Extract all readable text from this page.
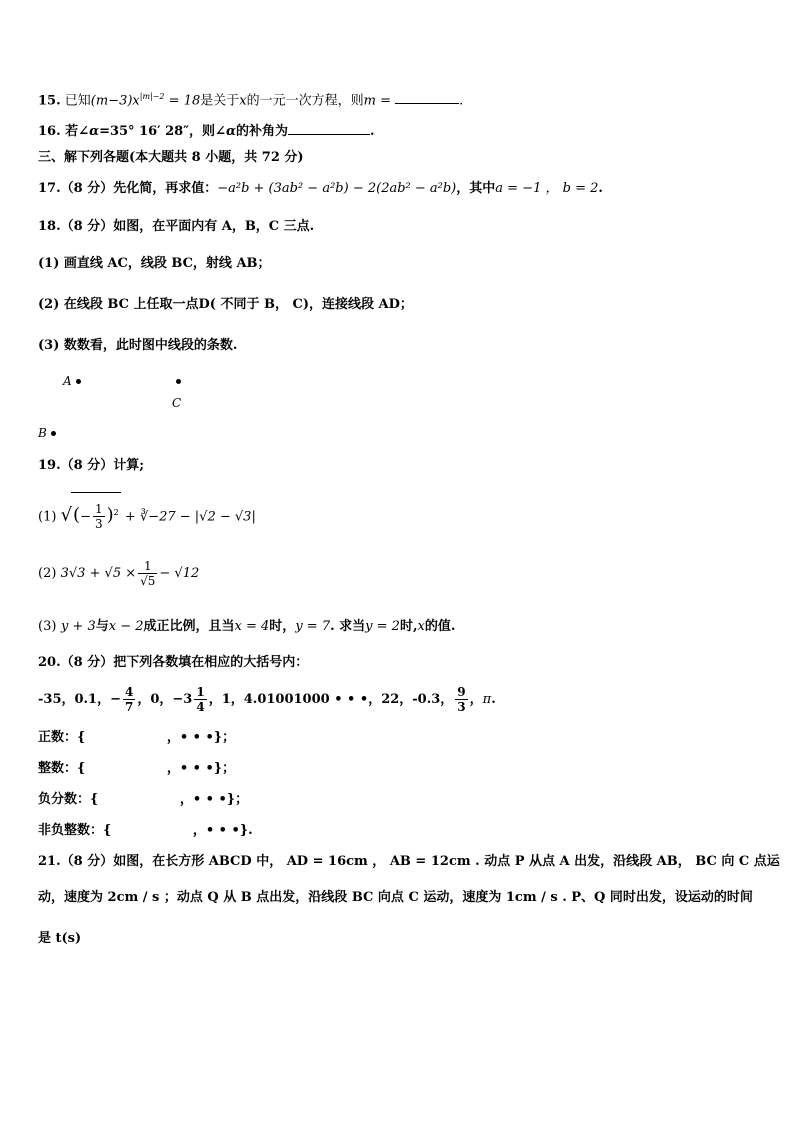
15. 已知$(m-3)x^{|m|-2} = 18$是关于x的一元一次方程，则m =	.
16. 若∠α=35° 16′ 28″，则∠α的补角为	.
三、解下列各题(本大题共 8 小题，共 72 分)
17.（8 分）先化简，再求值：−a²b + (3ab² − a²b) − 2(2ab² − a²b)，其中a = −1 ， b = 2.
18.（8 分）如图，在平面内有 A，B，C 三点.
(1) 画直线 AC，线段 BC，射线 AB；
(2) 在线段 BC 上任取一点D( 不同于 B， C)，连接线段 AD；
(3) 数数看，此时图中线段的条数.
A
C
B
19.（8 分）计算;
(1) √(− $\frac{1}{3} )^2$ + ∛−27 − |√2 − √3|
(2) $3√3 + √5 \times \frac{1}{√5} - √12$
(3) y + 3与x − 2成正比例，且当x = 4时，y = 7. 求当y = 2时,x的值.
20.（8 分）把下列各数填在相应的大括号内：
-35，0.1，− $\frac{4}{7}$ ，0，$-3 \frac{1}{4}$ ，1，4.01001000 • • •，22，-0.3， $\frac{9}{3}$ ，π.
正数：{                  ，• • •}；
整数：{                  ，• • •}；
负分数：{                  ，• • •}；
非负整数：{                  ，• • •}.
21.（8 分）如图，在长方形 ABCD 中， AD = 16cm ， AB = 12cm . 动点 P 从点 A 出发，沿线段 AB， BC 向 C 点运
动，速度为 2cm / s ；动点 Q 从 B 点出发，沿线段 BC 向点 C 运动，速度为 1cm / s . P、Q 同时出发，设运动的时间
是 t(s)
